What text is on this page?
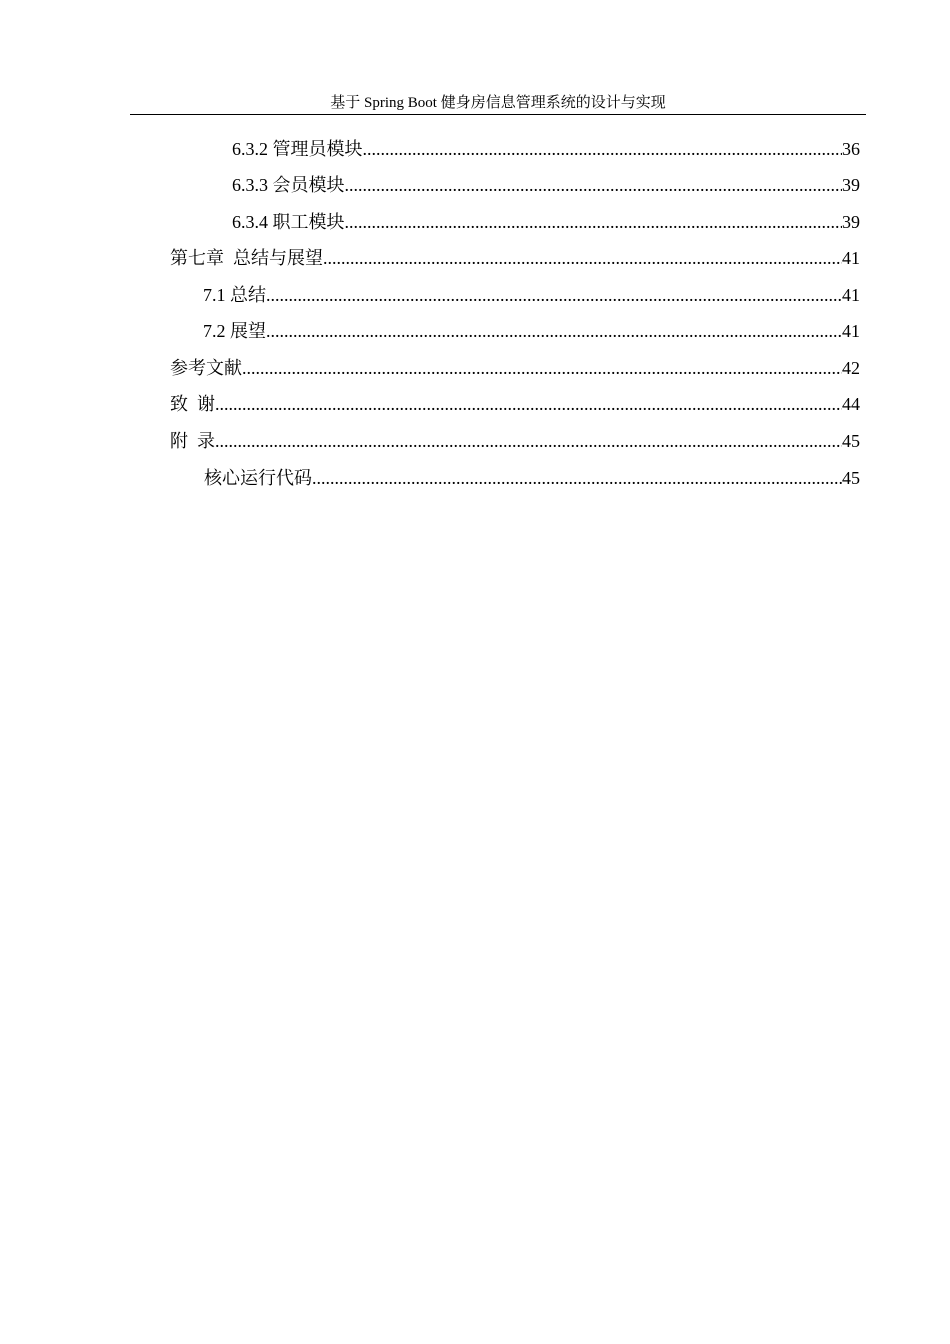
基于 Spring Boot 健身房信息管理系统的设计与实现
6.3.2 管理员模块 .....	36
6.3.3 会员模块 .....	39
6.3.4 职工模块 .....	39
第七章  总结与展望 .....	41
7.1 总结 .....	41
7.2 展望 .....	41
参考文献 .....	42
致  谢 .....	44
附  录 .....	45
核心运行代码 .....	45
